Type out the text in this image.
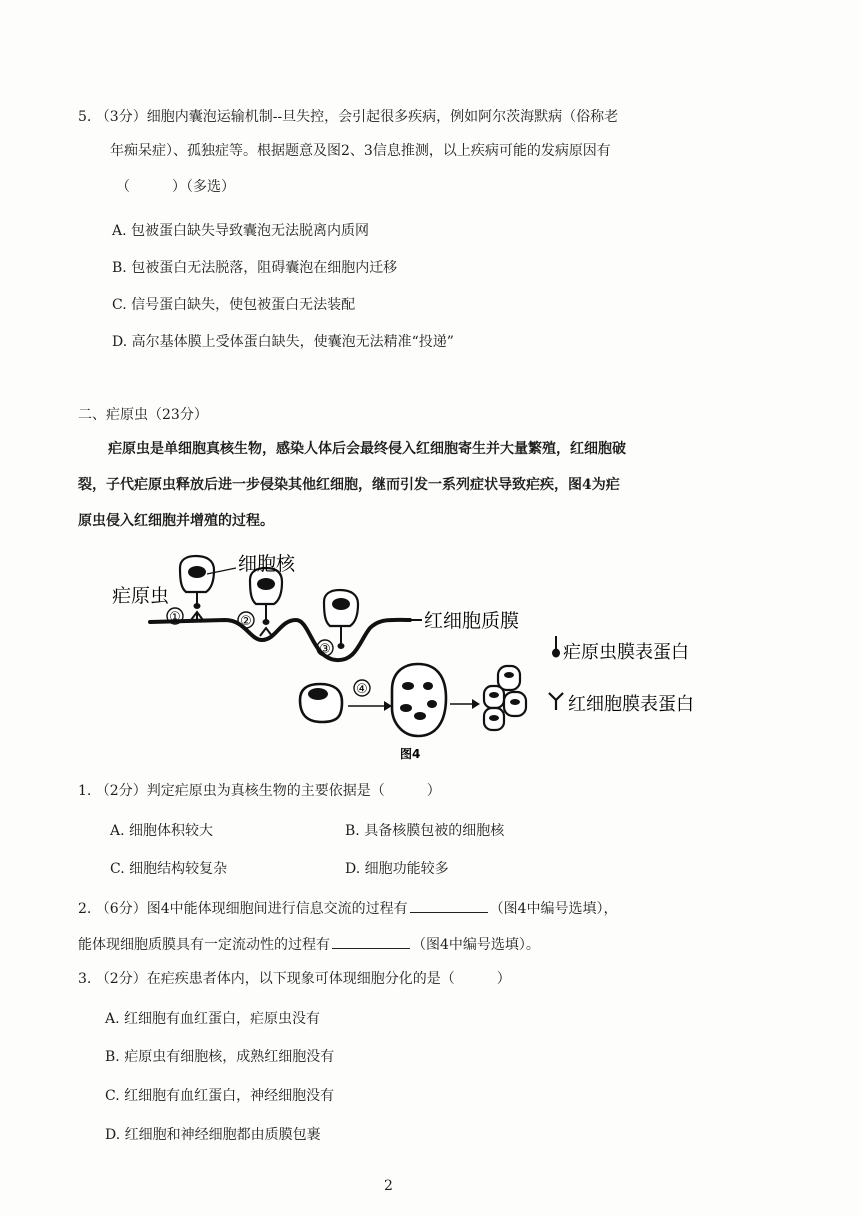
5. （3分）细胞内囊泡运输机制--旦失控，会引起很多疾病，例如阿尔茨海默病（俗称老
年痴呆症）、孤独症等。根据题意及图2、3信息推测，以上疾病可能的发病原因有
（　　　）（多选）
A. 包被蛋白缺失导致囊泡无法脱离内质网
B. 包被蛋白无法脱落，阻碍囊泡在细胞内迁移
C. 信号蛋白缺失，使包被蛋白无法装配
D. 高尔基体膜上受体蛋白缺失，使囊泡无法精准“投递”
二、疟原虫（23分）
疟原虫是单细胞真核生物，感染人体后会最终侵入红细胞寄生并大量繁殖，红细胞破
裂，子代疟原虫释放后进一步侵染其他红细胞，继而引发一系列症状导致疟疾，图4为疟
原虫侵入红细胞并增殖的过程。
①	②
③
细胞核
疟原虫
红细胞质膜
疟原虫膜表蛋白
红细胞膜表蛋白
④
图4
1. （2分）判定疟原虫为真核生物的主要依据是（　　　）
A. 细胞体积较大	B. 具备核膜包被的细胞核
C. 细胞结构较复杂	D. 细胞功能较多
2. （6分）图4中能体现细胞间进行信息交流的过程有	（图4中编号选填），
能体现细胞质膜具有一定流动性的过程有	（图4中编号选填）。
3. （2分）在疟疾患者体内，以下现象可体现细胞分化的是（　　　）
A. 红细胞有血红蛋白，疟原虫没有
B. 疟原虫有细胞核，成熟红细胞没有
C. 红细胞有血红蛋白，神经细胞没有
D. 红细胞和神经细胞都由质膜包裹
2
